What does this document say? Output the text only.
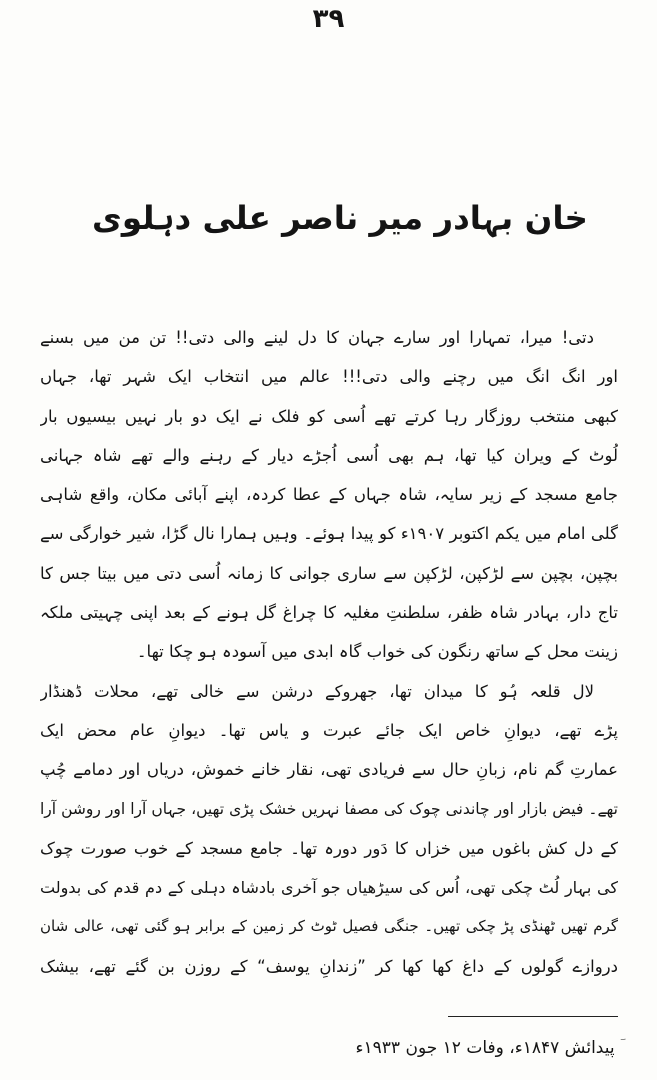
۳۹
خان بہادر میر ناصر علی دہلوی
دتی! میرا، تمہارا اور سارے جہان کا دل لینے والی دتی!! تن من میں بسنے
اور انگ انگ میں رچنے والی دتی!!! عالم میں انتخاب ایک شہر تھا، جہاں
کبھی منتخب روزگار رہا کرتے تھے اُسی کو فلک نے ایک دو بار نہیں بیسیوں بار
لُوٹ کے ویران کیا تھا، ہم بھی اُسی اُجڑے دیار کے رہنے والے تھے شاہ جہانی
جامع مسجد کے زیر سایہ، شاہ جہاں کے عطا کردہ، اپنے آبائی مکان، واقع شاہی
گلی امام میں یکم اکتوبر ۱۹۰۷ء کو پیدا ہوئے۔ وہیں ہمارا نال گڑا، شیر خوارگی سے
بچپن، بچپن سے لڑکپن، لڑکپن سے ساری جوانی کا زمانہ اُسی دتی میں بیتا جس کا
تاج دار، بہادر شاہ ظفر، سلطنتِ مغلیہ کا چراغ گل ہونے کے بعد اپنی چہیتی ملکہ
زینت محل کے ساتھ رنگون کی خواب گاہ ابدی میں آسودہ ہو چکا تھا۔
لال قلعہ ہُو کا میدان تھا، جھروکے درشن سے خالی تھے، محلات ڈھنڈار
پڑے تھے، دیوانِ خاص ایک جائے عبرت و یاس تھا۔ دیوانِ عام محض ایک
عمارتِ گم نام، زبانِ حال سے فریادی تھی، نقار خانے خموش، دریاں اور دمامے چُپ
تھے۔ فیض بازار اور چاندنی چوک کی مصفا نہریں خشک پڑی تھیں، جہاں آرا اور روشن آرا
کے دل کش باغوں میں خزاں کا دَور دورہ تھا۔ جامع مسجد کے خوب صورت چوک
کی بہار لُٹ چکی تھی، اُس کی سیڑھیاں جو آخری بادشاہ دہلی کے دم قدم کی بدولت
گرم تھیں ٹھنڈی پڑ چکی تھیں۔ جنگی فصیل ٹوٹ کر زمین کے برابر ہو گئی تھی، عالی شان
دروازے گولوں کے داغ کھا کھا کر ”زندانِ یوسف“ کے روزن بن گئے تھے، بیشک
ؔ پیدائش ۱۸۴۷ء، وفات ۱۲ جون ۱۹۳۳ء
